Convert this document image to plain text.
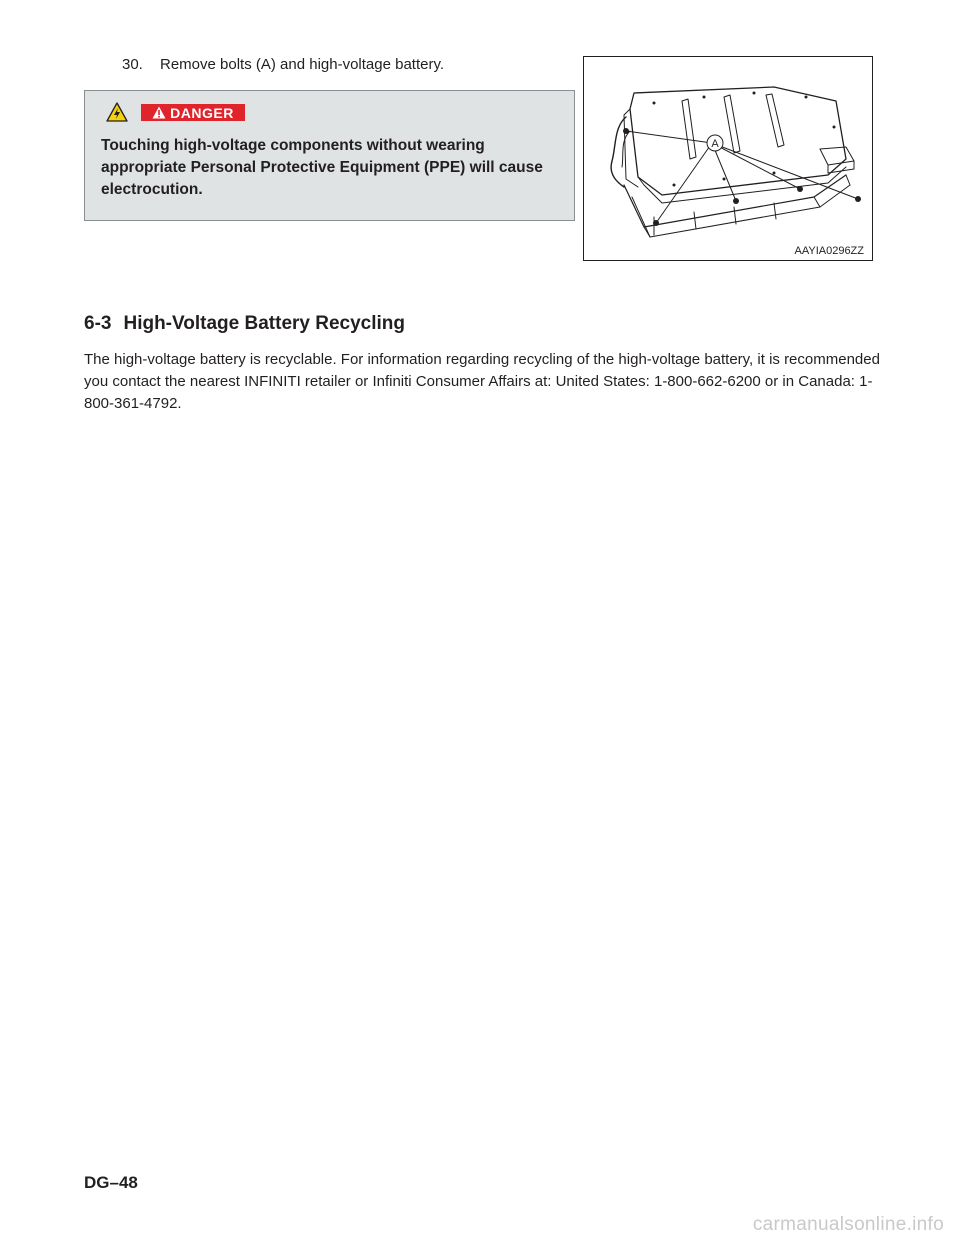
30. Remove bolts (A) and high-voltage battery.
DANGER
Touching high-voltage components without wearing appropriate Personal Protective Equipment (PPE) will cause electrocution.
A
AAYIA0296ZZ
6-3 High-Voltage Battery Recycling
The high-voltage battery is recyclable. For information regarding recycling of the high-voltage battery, it is recommended you contact the nearest INFINITI retailer or Infiniti Consumer Affairs at: United States: 1-800-662-6200 or in Canada: 1-800-361-4792.
DG–48
carmanualsonline.info
